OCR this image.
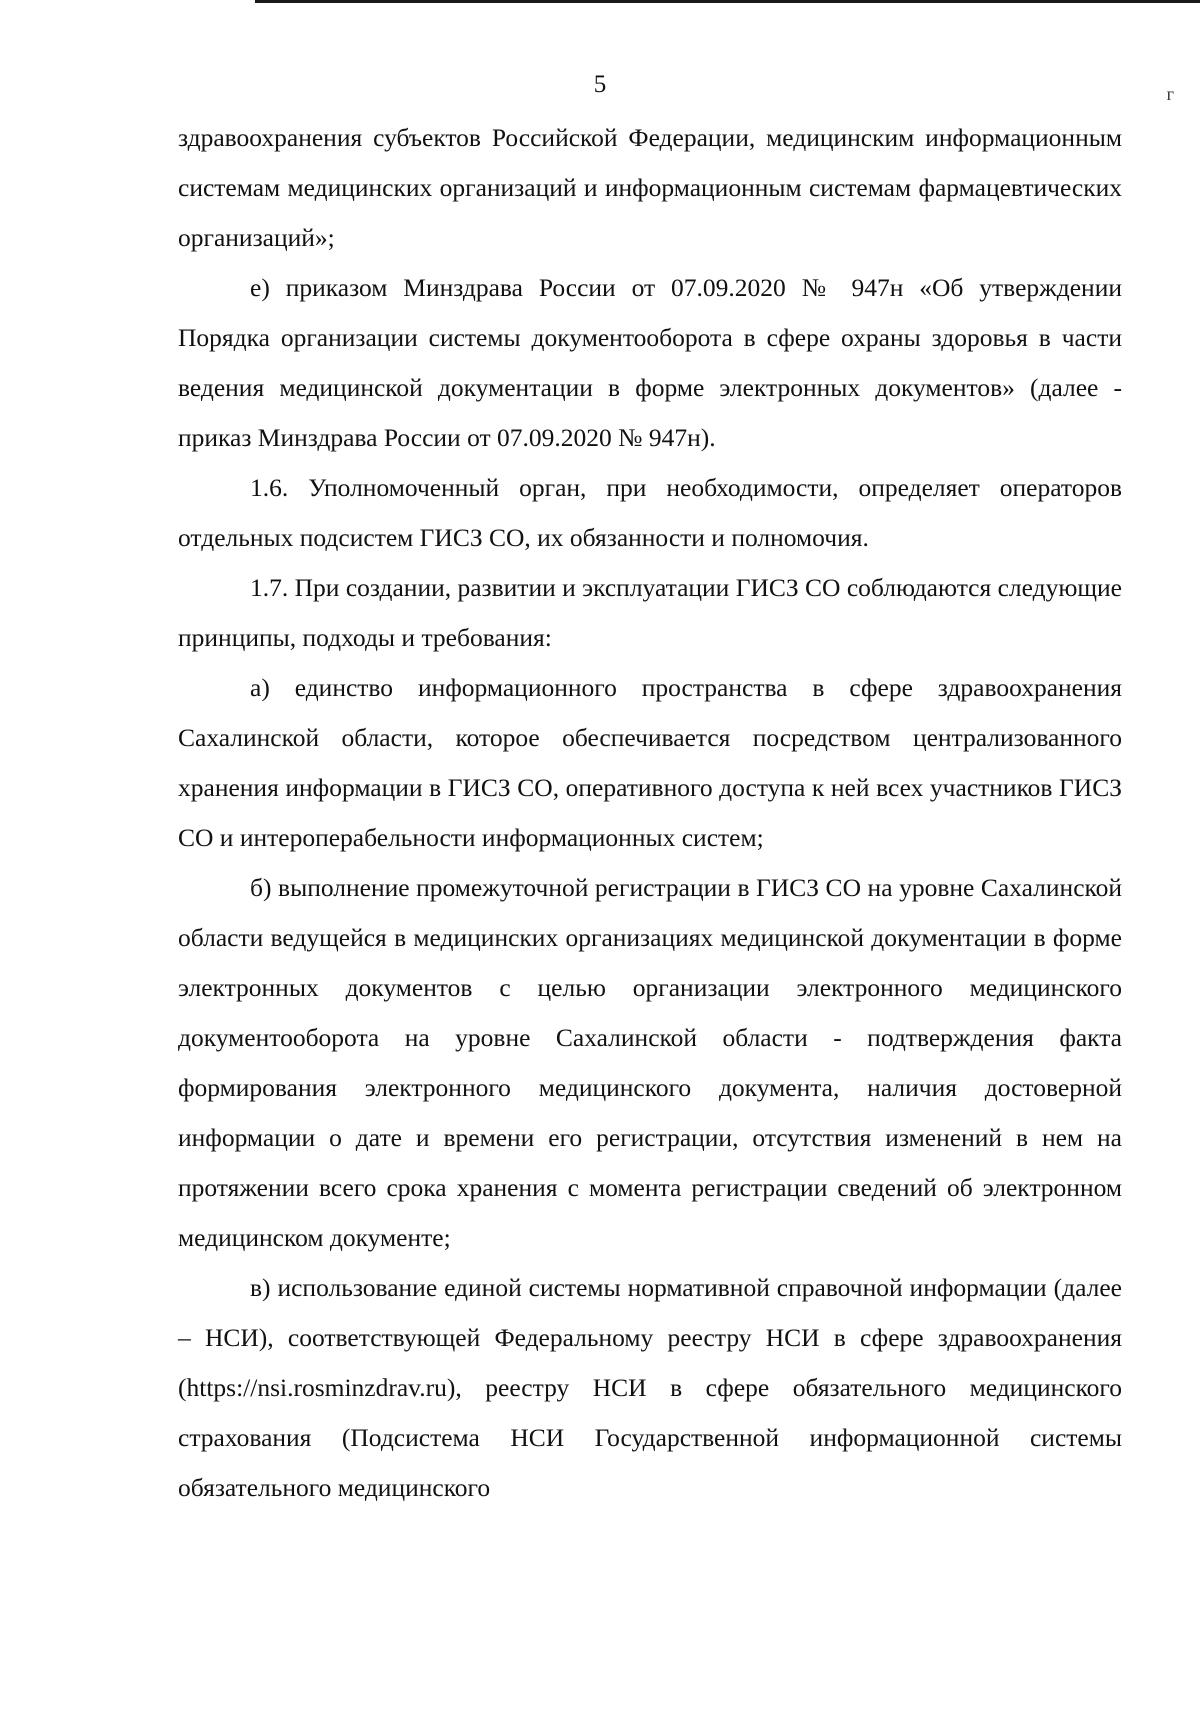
5	г

здравоохранения субъектов Российской Федерации, медицинским информационным системам медицинских организаций и информационным системам фармацевтических организаций»;

е) приказом Минздрава России от 07.09.2020 № 947н «Об утверждении Порядка организации системы документооборота в сфере охраны здоровья в части ведения медицинской документации в форме электронных документов» (далее - приказ Минздрава России от 07.09.2020 № 947н).

1.6. Уполномоченный орган, при необходимости, определяет операторов отдельных подсистем ГИСЗ СО, их обязанности и полномочия.

1.7. При создании, развитии и эксплуатации ГИСЗ СО соблюдаются следующие принципы, подходы и требования:

а) единство информационного пространства в сфере здравоохранения Сахалинской области, которое обеспечивается посредством централизованного хранения информации в ГИСЗ СО, оперативного доступа к ней всех участников ГИСЗ СО и интероперабельности информационных систем;

б) выполнение промежуточной регистрации в ГИСЗ СО на уровне Сахалинской области ведущейся в медицинских организациях медицинской документации в форме электронных документов с целью организации электронного медицинского документооборота на уровне Сахалинской области - подтверждения факта формирования электронного медицинского документа, наличия достоверной информации о дате и времени его регистрации, отсутствия изменений в нем на протяжении всего срока хранения с момента регистрации сведений об электронном медицинском документе;

в) использование единой системы нормативной справочной информации (далее – НСИ), соответствующей Федеральному реестру НСИ в сфере здравоохранения (https://nsi.rosminzdrav.ru), реестру НСИ в сфере обязательного медицинского страхования (Подсистема НСИ Государственной информационной системы обязательного медицинского
